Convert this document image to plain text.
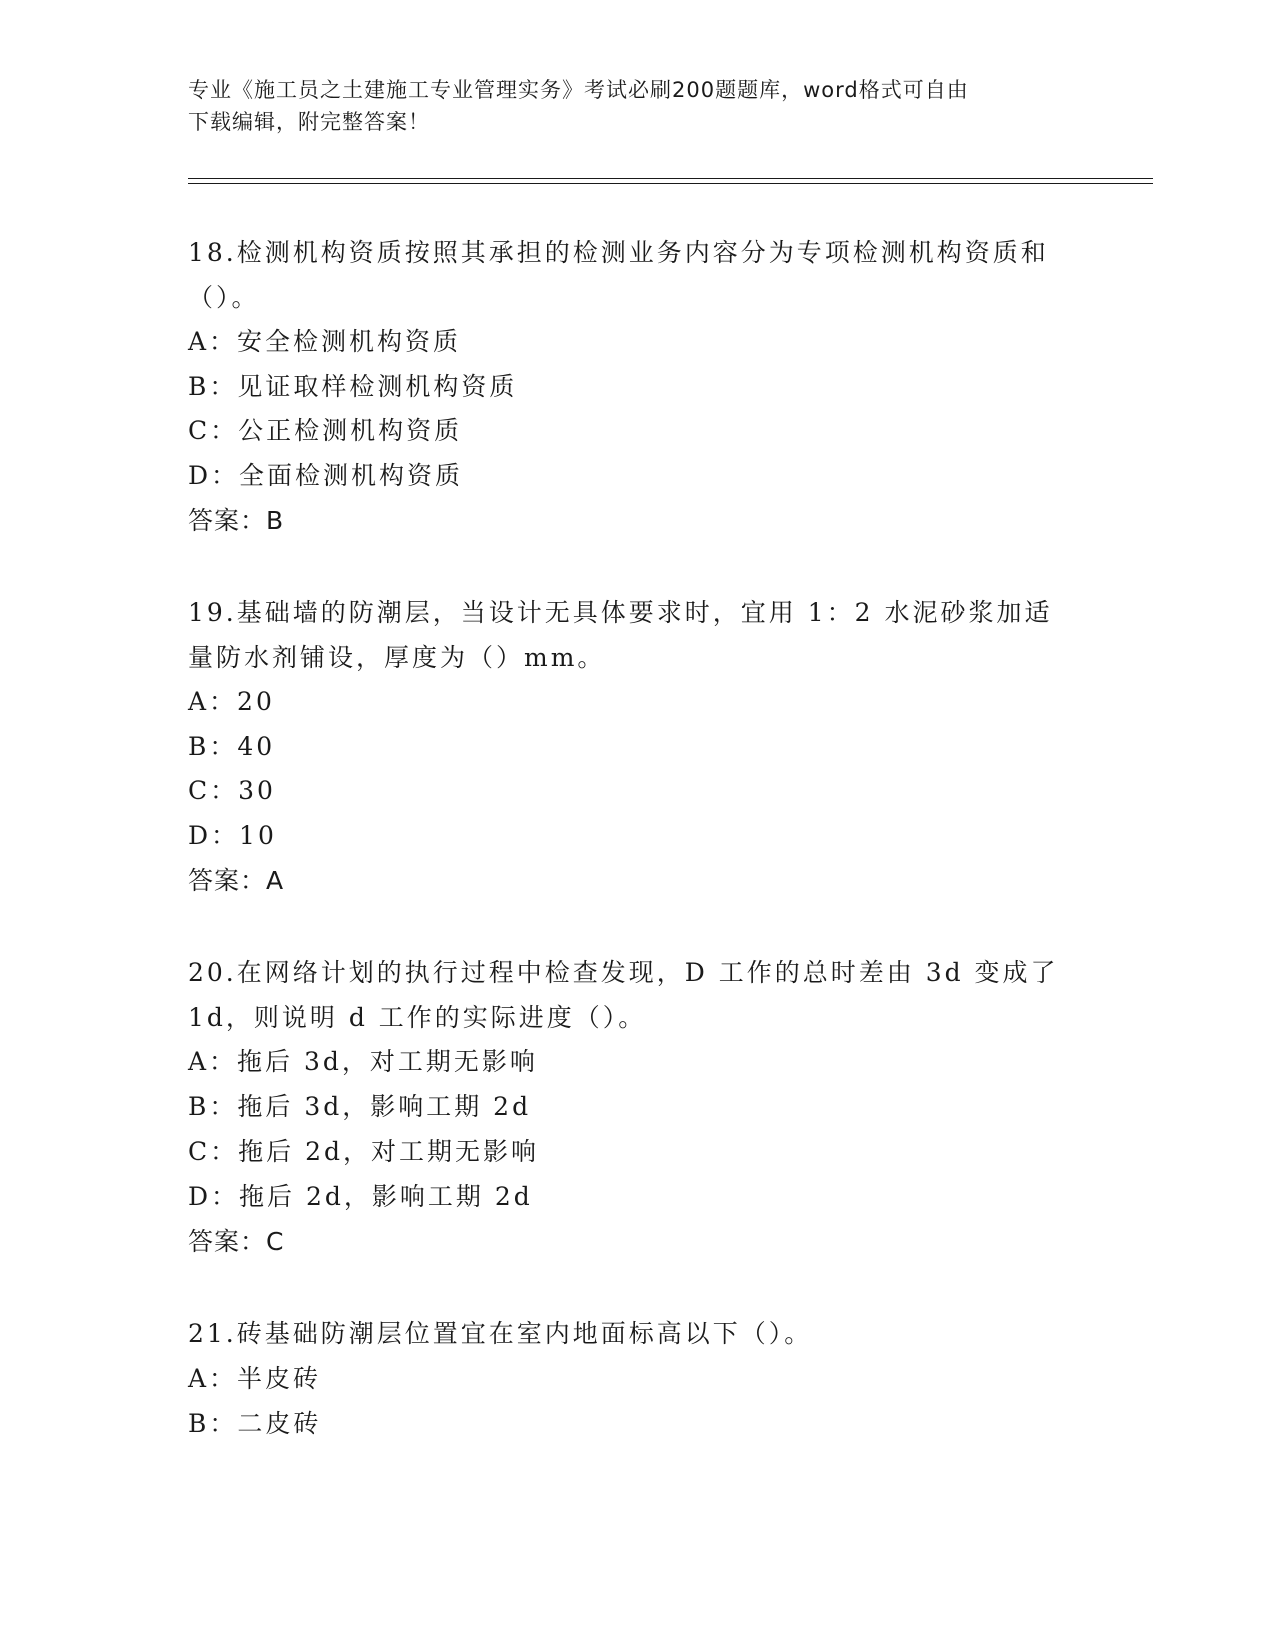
专业《施工员之土建施工专业管理实务》考试必刷200题题库，word格式可自由
下载编辑，附完整答案！
18.检测机构资质按照其承担的检测业务内容分为专项检测机构资质和
（）。
A：安全检测机构资质
B：见证取样检测机构资质
C：公正检测机构资质
D：全面检测机构资质
答案：B
19.基础墙的防潮层，当设计无具体要求时，宜用 1：2 水泥砂浆加适
量防水剂铺设，厚度为（）mm。
A：20
B：40
C：30
D：10
答案：A
20.在网络计划的执行过程中检查发现，D 工作的总时差由 3d 变成了
1d，则说明 d 工作的实际进度（）。
A：拖后 3d，对工期无影响
B：拖后 3d，影响工期 2d
C：拖后 2d，对工期无影响
D：拖后 2d，影响工期 2d
答案：C
21.砖基础防潮层位置宜在室内地面标高以下（）。
A：半皮砖
B：二皮砖
